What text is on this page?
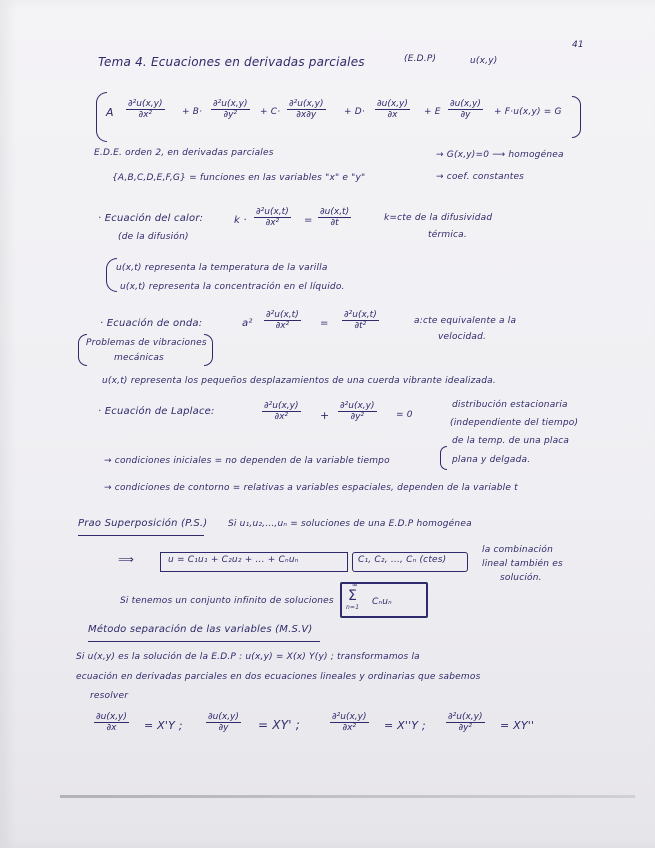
41
Tema 4. Ecuaciones en derivadas parciales	(E.D.P)	u(x,y)
A $\frac{\text{∂²u(x,y)}}{\text{∂x²}} + B\cdot \frac{\text{∂²u(x,y)}}{\text{∂y²}} + C\cdot \frac{\text{∂²u(x,y)}}{\partial x\partial y} + D\cdot \frac{\partial u(x,y)}{\partial x} + E \frac{\partial u(x,y)}{\partial y} + F\cdot u(x,y) = G$
E.D.E. orden 2, en derivadas parciales	→ G(x,y)=0 ⟶ homogénea
→ coef. constantes
{A,B,C,D,E,F,G} = funciones en las variables "x" e "y"
· Ecuación del calor:
(de la difusión)
$k \cdot \frac{\text{∂²u(x,t)}}{\text{∂x²}} = \frac{\partial u(x,t)}{\partial t}$	k=cte de la difusividad
térmica.
u(x,t) representa la temperatura de la varilla
u(x,t) representa la concentración en el líquido.
· Ecuación de onda:	$a^2 \frac{\text{∂²u(x,t)}}{\text{∂x²}} = \frac{\text{∂²u(x,t)}}{\text{∂t²}}$	a:cte equivalente a la
velocidad.
Problemas de vibraciones
mecánicas
u(x,t) representa los pequeños desplazamientos de una cuerda vibrante idealizada.
· Ecuación de Laplace:	$\frac{\text{∂²u(x,y)}}{\text{∂x²}} + \frac{\text{∂²u(x,y)}}{\text{∂y²}} = 0$
distribución estacionaria
(independiente del tiempo)
de la temp. de una placa
plana y delgada.
→ condiciones iniciales = no dependen de la variable tiempo
→ condiciones de contorno = relativas a variables espaciales, dependen de la variable t
Prao Superposición (P.S.) Si u₁,u₂,...,uₙ = soluciones de una E.D.P homogénea
⟹	u = C₁u₁ + C₂u₂ + ... + Cₙuₙ	C₁, C₂, ..., Cₙ (ctes)
la combinación
lineal también es
solución.
Si tenemos un conjunto infinito de soluciones
∞
Σ
n=1
Cₙuₙ
Método separación de las variables (M.S.V)
Si u(x,y) es la solución de la E.D.P : u(x,y) = X(x) Y(y) ; transformamos la
ecuación en derivadas parciales en dos ecuaciones lineales y ordinarias que sabemos
resolver
$\frac{\partial u(x,y)}{\partial x} = X'Y$ ;	$\frac{\partial u(x,y)}{\partial y} = XY'$ ;	$\frac{\text{∂²u(x,y)}}{\text{∂x²}} = X''Y$ ; $\frac{\text{∂²u(x,y)}}{\text{∂y²}} = XY''$
